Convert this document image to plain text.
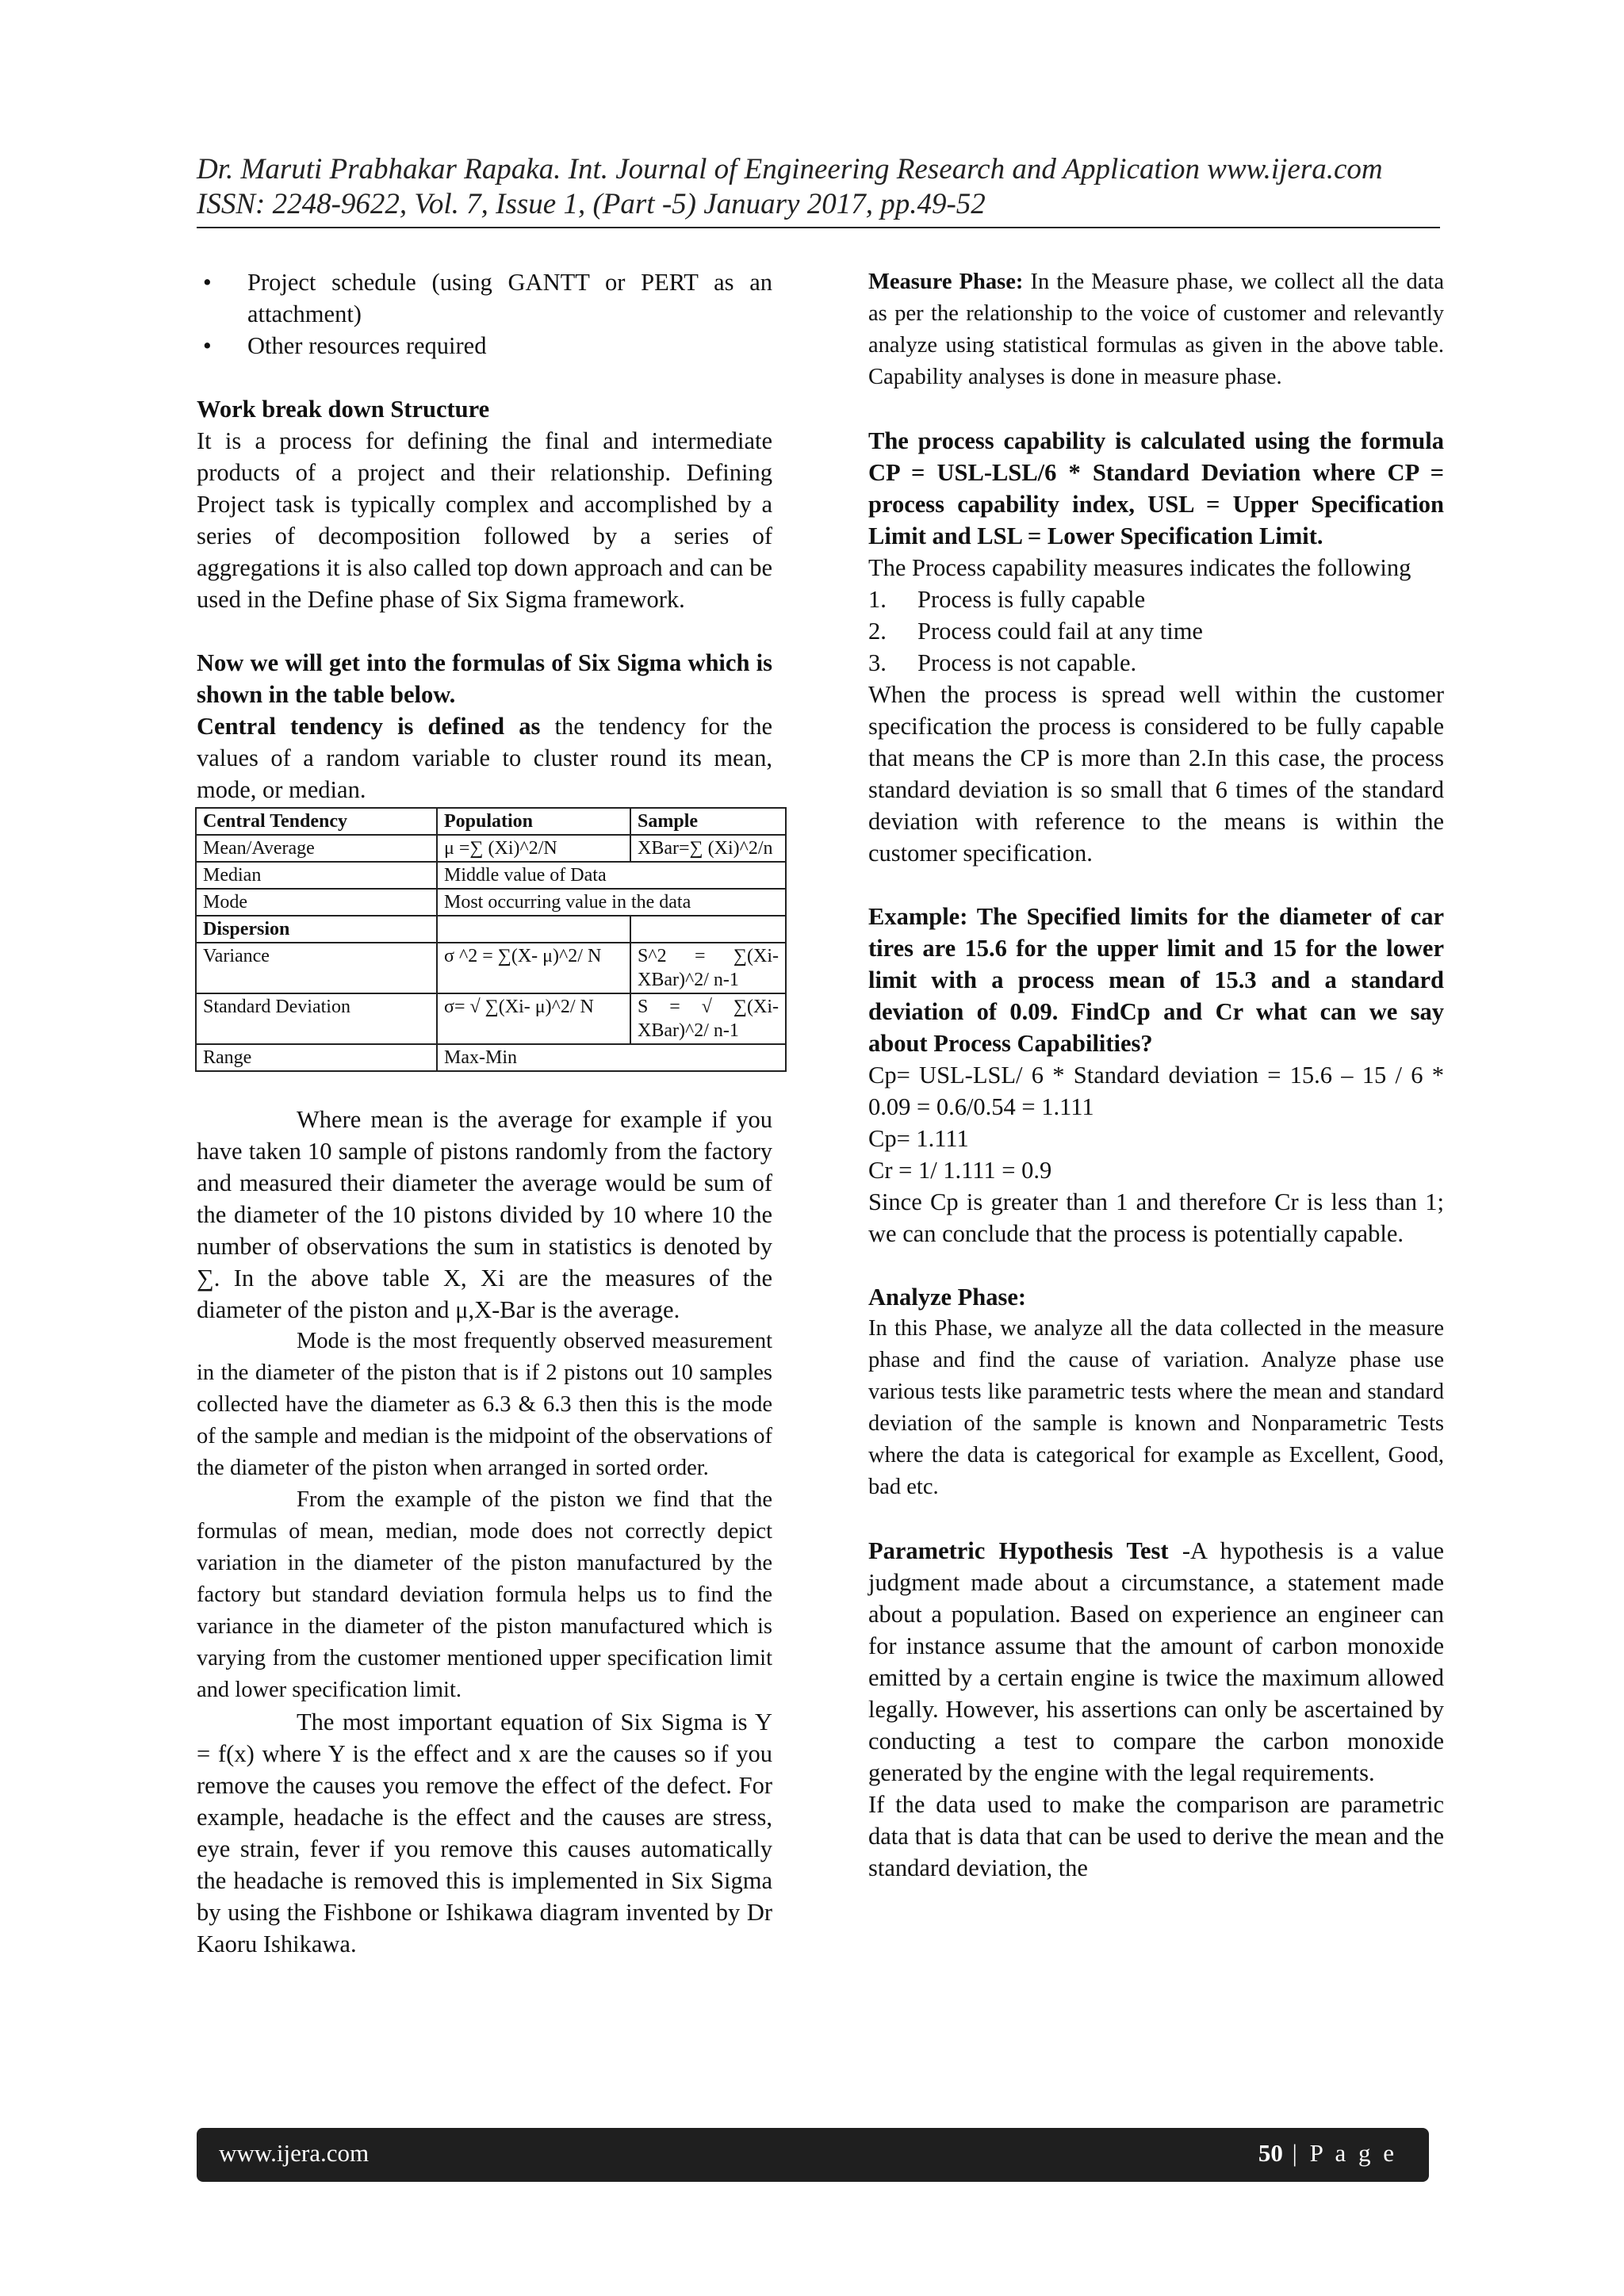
Dr. Maruti Prabhakar Rapaka. Int. Journal of Engineering Research and Application www.ijera.com
ISSN: 2248-9622, Vol. 7, Issue 1, (Part -5) January 2017, pp.49-52
• Project schedule (using GANTT or PERT as an attachment)
• Other resources required

Work break down Structure

It is a process for defining the final and intermediate products of a project and their relationship. Defining Project task is typically complex and accomplished by a series of decomposition followed by a series of aggregations it is also called top down approach and can be used in the Define phase of Six Sigma framework.

Now we will get into the formulas of Six Sigma which is shown in the table below.

Central tendency is defined as the tendency for the values of a random variable to cluster round its mean, mode, or median.

Central Tendency	Population	Sample
Mean/Average	μ =∑ (Xi)^2/N	XBar=∑ (Xi)^2/n
Median	Middle value of Data	
Mode	Most occurring value in the data	
Dispersion		
Variance	σ ^2 = ∑(X- μ)^2/ N	S^2 = ∑(Xi- XBar)^2/ n-1
Standard Deviation	σ= √ ∑(Xi- μ)^2/ N	S = √ ∑(Xi- XBar)^2/ n-1
Range	Max-Min	

Where mean is the average for example if you have taken 10 sample of pistons randomly from the factory and measured their diameter the average would be sum of the diameter of the 10 pistons divided by 10 where 10 the number of observations the sum in statistics is denoted by ∑. In the above table X, Xi are the measures of the diameter of the piston and μ,X-Bar is the average.

Mode is the most frequently observed measurement in the diameter of the piston that is if 2 pistons out 10 samples collected have the diameter as 6.3 & 6.3 then this is the mode of the sample and median is the midpoint of the observations of the diameter of the piston when arranged in sorted order.

From the example of the piston we find that the formulas of mean, median, mode does not correctly depict variation in the diameter of the piston manufactured by the factory but standard deviation formula helps us to find the variance in the diameter of the piston manufactured which is varying from the customer mentioned upper specification limit and lower specification limit.

The most important equation of Six Sigma is Y = f(x) where Y is the effect and x are the causes so if you remove the causes you remove the effect of the defect. For example, headache is the effect and the causes are stress, eye strain, fever if you remove this causes automatically the headache is removed this is implemented in Six Sigma by using the Fishbone or Ishikawa diagram invented by Dr Kaoru Ishikawa.

Measure Phase: In the Measure phase, we collect all the data as per the relationship to the voice of customer and relevantly analyze using statistical formulas as given in the above table. Capability analyses is done in measure phase.

The process capability is calculated using the formula CP = USL-LSL/6 * Standard Deviation where CP = process capability index, USL = Upper Specification Limit and LSL = Lower Specification Limit.

The Process capability measures indicates the following

1. Process is fully capable
2. Process could fail at any time
3. Process is not capable.

When the process is spread well within the customer specification the process is considered to be fully capable that means the CP is more than 2.In this case, the process standard deviation is so small that 6 times of the standard deviation with reference to the means is within the customer specification.

Example: The Specified limits for the diameter of car tires are 15.6 for the upper limit and 15 for the lower limit with a process mean of 15.3 and a standard deviation of 0.09. FindCp and Cr what can we say about Process Capabilities?

Cp= USL-LSL/ 6 * Standard deviation = 15.6 – 15 / 6 * 0.09 = 0.6/0.54 = 1.111

Cp= 1.111

Cr = 1/ 1.111 = 0.9

Since Cp is greater than 1 and therefore Cr is less than 1; we can conclude that the process is potentially capable.

Analyze Phase:

In this Phase, we analyze all the data collected in the measure phase and find the cause of variation. Analyze phase use various tests like parametric tests where the mean and standard deviation of the sample is known and Nonparametric Tests where the data is categorical for example as Excellent, Good, bad etc.

Parametric Hypothesis Test -A hypothesis is a value judgment made about a circumstance, a statement made about a population. Based on experience an engineer can for instance assume that the amount of carbon monoxide emitted by a certain engine is twice the maximum allowed legally. However, his assertions can only be ascertained by conducting a test to compare the carbon monoxide generated by the engine with the legal requirements.

If the data used to make the comparison are parametric data that is data that can be used to derive the mean and the standard deviation, the

www.ijera.com	50 | P a g e
